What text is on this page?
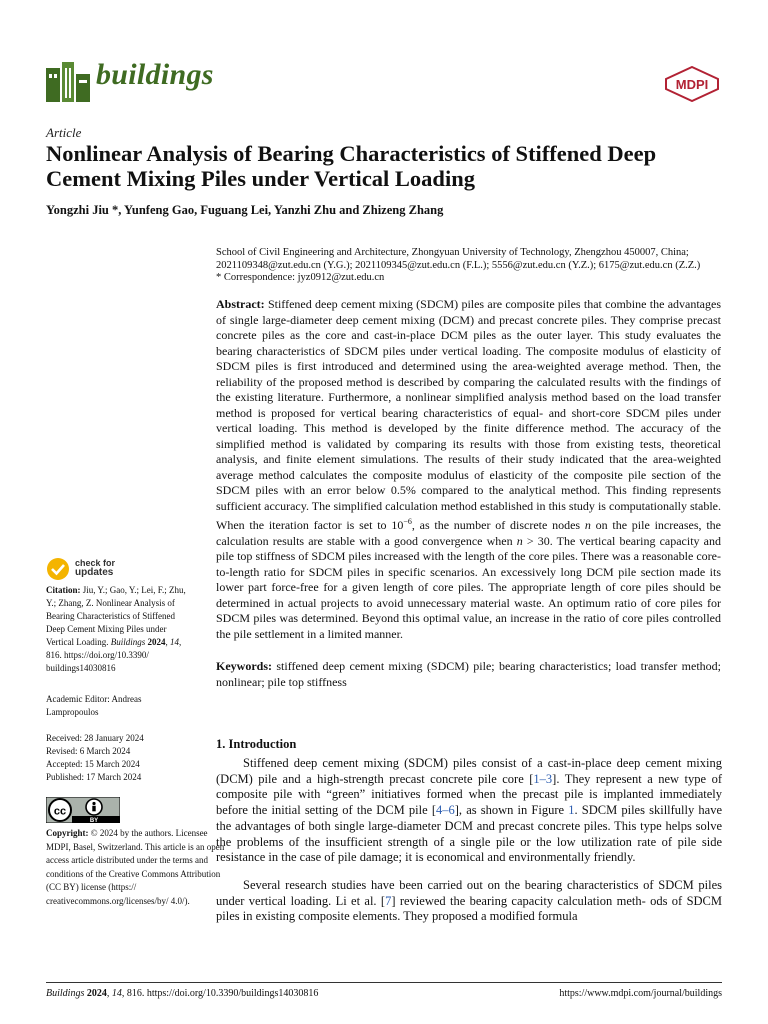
buildings	MDPI
Article
Nonlinear Analysis of Bearing Characteristics of Stiffened Deep Cement Mixing Piles under Vertical Loading
Yongzhi Jiu *, Yunfeng Gao, Fuguang Lei, Yanzhi Zhu and Zhizeng Zhang
School of Civil Engineering and Architecture, Zhongyuan University of Technology, Zhengzhou 450007, China; 2021109348@zut.edu.cn (Y.G.); 2021109345@zut.edu.cn (F.L.); 5556@zut.edu.cn (Y.Z.); 6175@zut.edu.cn (Z.Z.)
* Correspondence: jyz0912@zut.edu.cn
Abstract: Stiffened deep cement mixing (SDCM) piles are composite piles that combine the advantages of single large-diameter deep cement mixing (DCM) and precast concrete piles. They comprise precast concrete piles as the core and cast-in-place DCM piles as the outer layer. This study evaluates the bearing characteristics of SDCM piles under vertical loading. The composite modulus of elasticity of SDCM piles is first introduced and determined using the area-weighted average method. Then, the reliability of the proposed method is described by comparing the calculated results with the findings of the existing literature. Furthermore, a nonlinear simplified analysis method based on the load transfer method is proposed for vertical bearing characteristics of equal- and short-core SDCM piles under vertical loading. This method is developed by the finite difference method. The accuracy of the simplified method is validated by comparing its results with those from existing tests, theoretical analysis, and finite element simulations. The results of their study indicated that the area-weighted average method calculates the composite modulus of elasticity of the composite pile section of the SDCM piles with an error below 0.5% compared to the analytical method. This finding represents sufficient accuracy. The simplified calculation method established in this study is computationally stable. When the iteration factor is set to $10^{-6}$, as the number of discrete nodes n on the pile increases, the calculation results are stable with a good convergence when n > 30. The vertical bearing capacity and pile top stiffness of SDCM piles increased with the length of the core piles. There was a reasonable core-to-length ratio for SDCM piles in specific scenarios. An excessively long DCM pile section made its lower part force-free for a given length of core piles. The appropriate length of core piles should be determined in actual projects to avoid unnecessary material waste. An optimum ratio of core piles for SDCM piles was determined. Beyond this optimal value, an increase in the ratio of core piles controlled the pile settlement in a limited manner.
Keywords: stiffened deep cement mixing (SDCM) pile; bearing characteristics; load transfer method; nonlinear; pile top stiffness
check for
updates
Citation: Jiu, Y.; Gao, Y.; Lei, F.; Zhu, Y.; Zhang, Z. Nonlinear Analysis of Bearing Characteristics of Stiffened Deep Cement Mixing Piles under Vertical Loading. Buildings 2024, 14, 816. https://doi.org/10.3390/ buildings14030816
Academic Editor: Andreas
Lampropoulos
Received: 28 January 2024
Revised: 6 March 2024
Accepted: 15 March 2024
Published: 17 March 2024
cc
BY
Copyright: © 2024 by the authors. Licensee MDPI, Basel, Switzerland. This article is an open access article distributed under the terms and conditions of the Creative Commons Attribution (CC BY) license (https:// creativecommons.org/licenses/by/ 4.0/).
1. Introduction
Stiffened deep cement mixing (SDCM) piles consist of a cast-in-place deep cement mixing (DCM) pile and a high-strength precast concrete pile core [1–3]. They represent a new type of composite pile with “green” initiatives formed when the precast pile is implanted immediately before the initial setting of the DCM pile [4–6], as shown in Figure 1. SDCM piles skillfully have the advantages of both single large-diameter DCM and precast concrete piles. This type helps solve the problems of the insufficient strength of a single pile or the low utilization rate of pile side resistance in the case of pile damage; it is economical and environmentally friendly.
Several research studies have been carried out on the bearing characteristics of SDCM piles under vertical loading. Li et al. [7] reviewed the bearing capacity calculation meth- ods of SDCM piles in existing composite elements. They proposed a modified formula
Buildings 2024, 14, 816. https://doi.org/10.3390/buildings14030816	https://www.mdpi.com/journal/buildings
